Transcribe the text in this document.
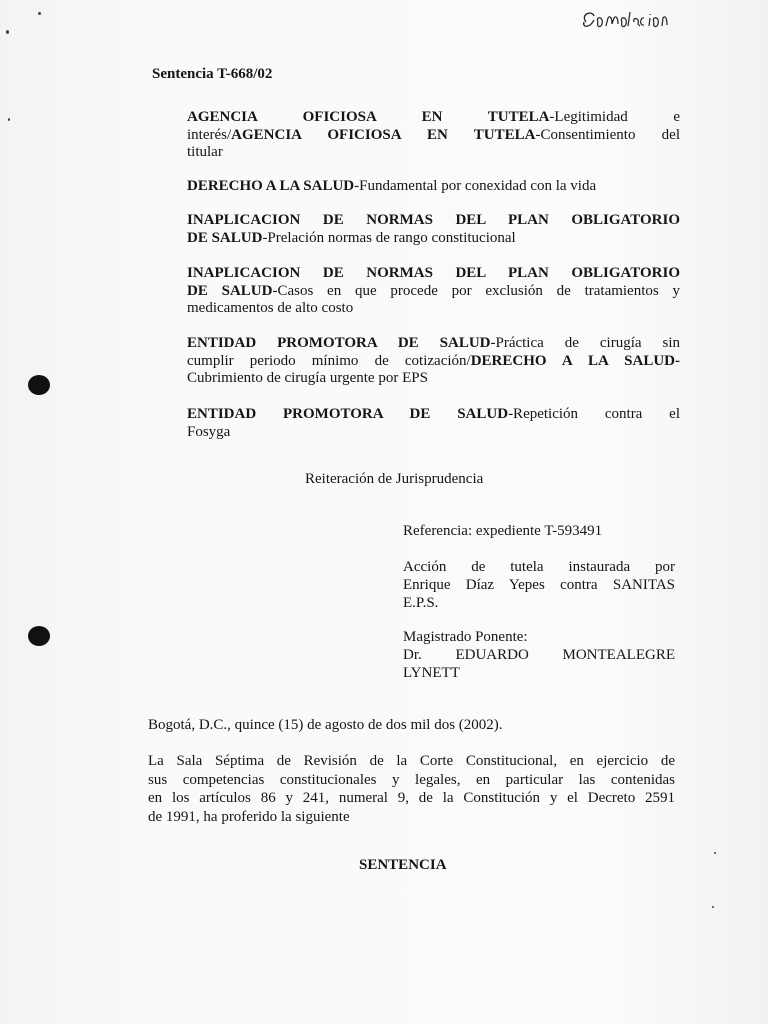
Sentencia T-668/02
AGENCIA OFICIOSA EN TUTELA-Legitimidad e
interés/AGENCIA OFICIOSA EN TUTELA-Consentimiento del
titular
DERECHO A LA SALUD-Fundamental por conexidad con la vida
INAPLICACION DE NORMAS DEL PLAN OBLIGATORIO
DE SALUD-Prelación normas de rango constitucional
INAPLICACION DE NORMAS DEL PLAN OBLIGATORIO
DE SALUD-Casos en que procede por exclusión de tratamientos y
medicamentos de alto costo
ENTIDAD PROMOTORA DE SALUD-Práctica de cirugía sin
cumplir periodo mínimo de cotización/DERECHO A LA SALUD-
Cubrimiento de cirugía urgente por EPS
ENTIDAD PROMOTORA DE SALUD-Repetición contra el
Fosyga
Reiteración de Jurisprudencia
Referencia: expediente T-593491
Acción de tutela instaurada por
Enrique Díaz Yepes contra SANITAS
E.P.S.
Magistrado Ponente:
Dr. EDUARDO MONTEALEGRE
LYNETT
Bogotá, D.C., quince (15) de agosto de dos mil dos (2002).
La Sala Séptima de Revisión de la Corte Constitucional, en ejercicio de
sus competencias constitucionales y legales, en particular las contenidas
en los artículos 86 y 241, numeral 9, de la Constitución y el Decreto 2591
de 1991, ha proferido la siguiente
SENTENCIA
